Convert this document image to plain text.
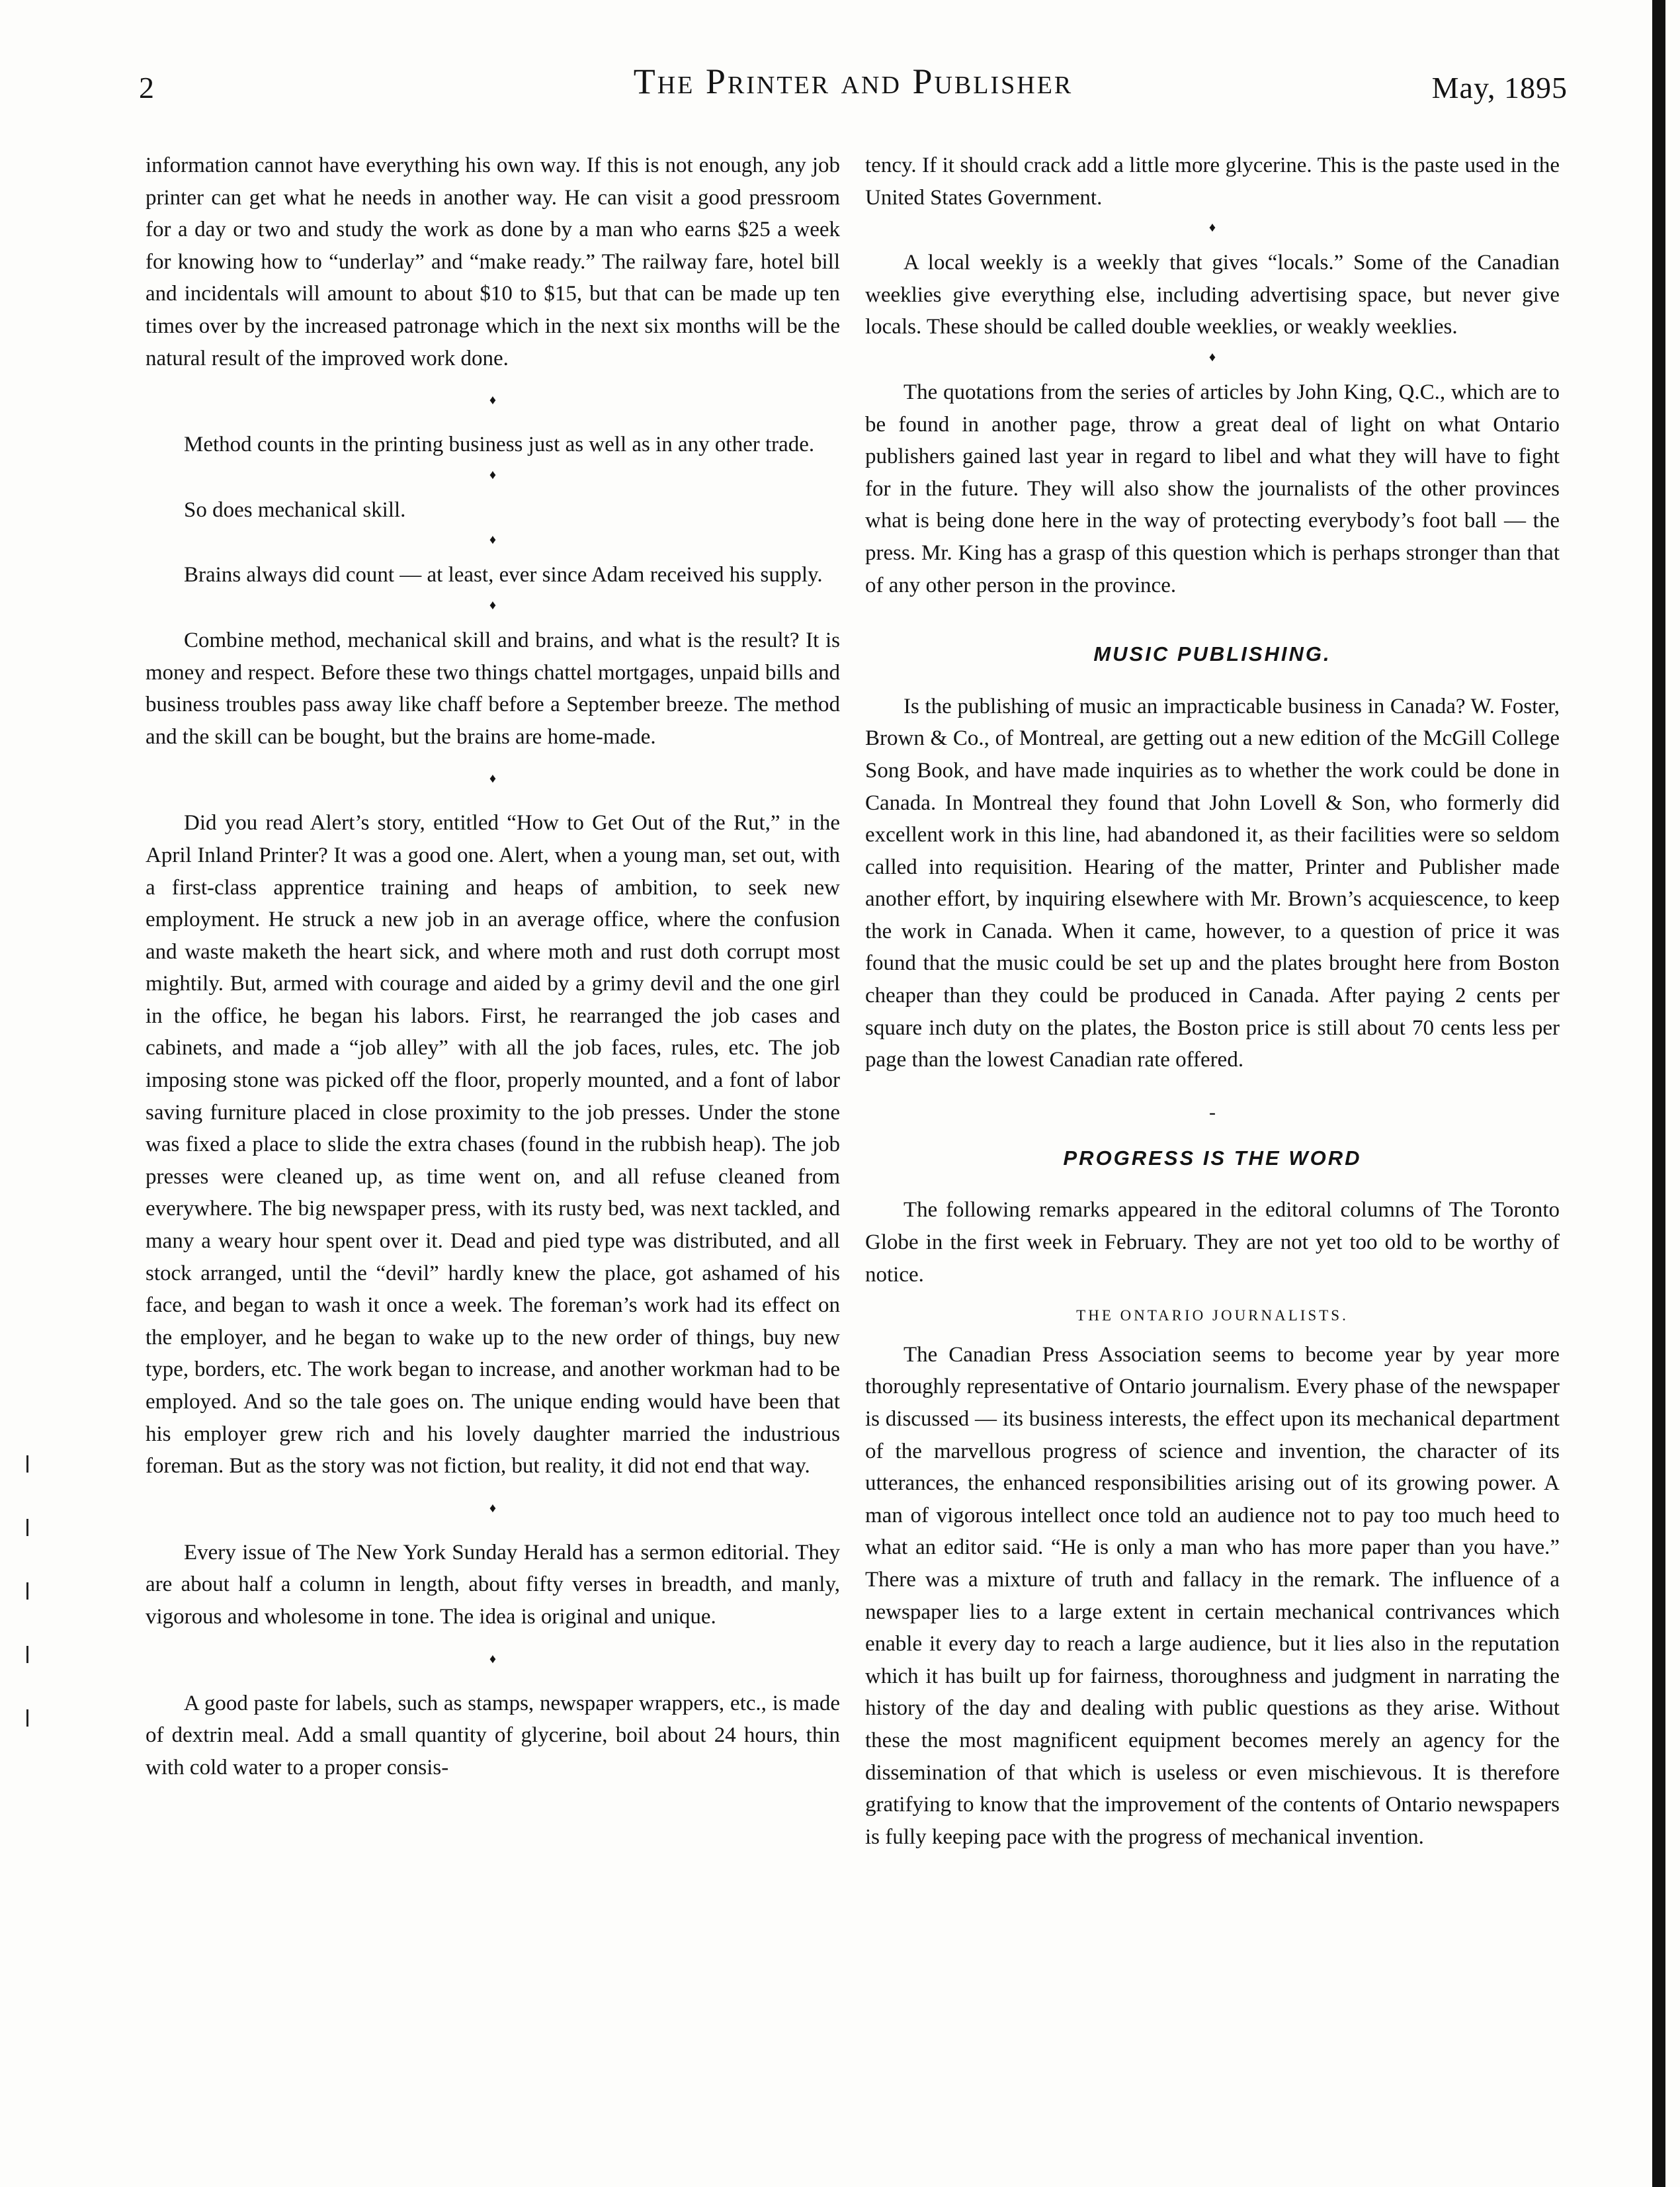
2	The Printer and Publisher	May, 1895

information cannot have everything his own way. If this is not enough, any job printer can get what he needs in another way. He can visit a good pressroom for a day or two and study the work as done by a man who earns $25 a week for knowing how to “underlay” and “make ready.” The railway fare, hotel bill and incidentals will amount to about $10 to $15, but that can be made up ten times over by the increased patronage which in the next six months will be the natural result of the improved work done.

♦

Method counts in the printing business just as well as in any other trade.

♦

So does mechanical skill.

♦

Brains always did count — at least, ever since Adam received his supply.

♦

Combine method, mechanical skill and brains, and what is the result? It is money and respect. Before these two things chattel mortgages, unpaid bills and business troubles pass away like chaff before a September breeze. The method and the skill can be bought, but the brains are home-made.

♦

Did you read Alert’s story, entitled “How to Get Out of the Rut,” in the April Inland Printer? It was a good one. Alert, when a young man, set out, with a first-class apprentice training and heaps of ambition, to seek new employment. He struck a new job in an average office, where the confusion and waste maketh the heart sick, and where moth and rust doth corrupt most mightily. But, armed with courage and aided by a grimy devil and the one girl in the office, he began his labors. First, he rearranged the job cases and cabinets, and made a “job alley” with all the job faces, rules, etc. The job imposing stone was picked off the floor, properly mounted, and a font of labor saving furniture placed in close proximity to the job presses. Under the stone was fixed a place to slide the extra chases (found in the rubbish heap). The job presses were cleaned up, as time went on, and all refuse cleaned from everywhere. The big newspaper press, with its rusty bed, was next tackled, and many a weary hour spent over it. Dead and pied type was distributed, and all stock arranged, until the “devil” hardly knew the place, got ashamed of his face, and began to wash it once a week. The foreman’s work had its effect on the employer, and he began to wake up to the new order of things, buy new type, borders, etc. The work began to increase, and another workman had to be employed. And so the tale goes on. The unique ending would have been that his employer grew rich and his lovely daughter married the industrious foreman. But as the story was not fiction, but reality, it did not end that way.

♦

Every issue of The New York Sunday Herald has a sermon editorial. They are about half a column in length, about fifty verses in breadth, and manly, vigorous and wholesome in tone. The idea is original and unique.

♦

A good paste for labels, such as stamps, newspaper wrappers, etc., is made of dextrin meal. Add a small quantity of glycerine, boil about 24 hours, thin with cold water to a proper consis-

tency. If it should crack add a little more glycerine. This is the paste used in the United States Government.

♦

A local weekly is a weekly that gives “locals.” Some of the Canadian weeklies give everything else, including advertising space, but never give locals. These should be called double weeklies, or weakly weeklies.

♦

The quotations from the series of articles by John King, Q.C., which are to be found in another page, throw a great deal of light on what Ontario publishers gained last year in regard to libel and what they will have to fight for in the future. They will also show the journalists of the other provinces what is being done here in the way of protecting everybody’s foot ball — the press. Mr. King has a grasp of this question which is perhaps stronger than that of any other person in the province.

MUSIC PUBLISHING.

Is the publishing of music an impracticable business in Canada? W. Foster, Brown & Co., of Montreal, are getting out a new edition of the McGill College Song Book, and have made inquiries as to whether the work could be done in Canada. In Montreal they found that John Lovell & Son, who formerly did excellent work in this line, had abandoned it, as their facilities were so seldom called into requisition. Hearing of the matter, Printer and Publisher made another effort, by inquiring elsewhere with Mr. Brown’s acquiescence, to keep the work in Canada. When it came, however, to a question of price it was found that the music could be set up and the plates brought here from Boston cheaper than they could be produced in Canada. After paying 2 cents per square inch duty on the plates, the Boston price is still about 70 cents less per page than the lowest Canadian rate offered.

-
PROGRESS IS THE WORD

The following remarks appeared in the editoral columns of The Toronto Globe in the first week in February. They are not yet too old to be worthy of notice.

THE ONTARIO JOURNALISTS.

The Canadian Press Association seems to become year by year more thoroughly representative of Ontario journalism. Every phase of the newspaper is discussed — its business interests, the effect upon its mechanical department of the marvellous progress of science and invention, the character of its utterances, the enhanced responsibilities arising out of its growing power. A man of vigorous intellect once told an audience not to pay too much heed to what an editor said. “He is only a man who has more paper than you have.” There was a mixture of truth and fallacy in the remark. The influence of a newspaper lies to a large extent in certain mechanical contrivances which enable it every day to reach a large audience, but it lies also in the reputation which it has built up for fairness, thoroughness and judgment in narrating the history of the day and dealing with public questions as they arise. Without these the most magnificent equipment becomes merely an agency for the dissemination of that which is useless or even mischievous. It is therefore gratifying to know that the improvement of the contents of Ontario newspapers is fully keeping pace with the progress of mechanical invention.
